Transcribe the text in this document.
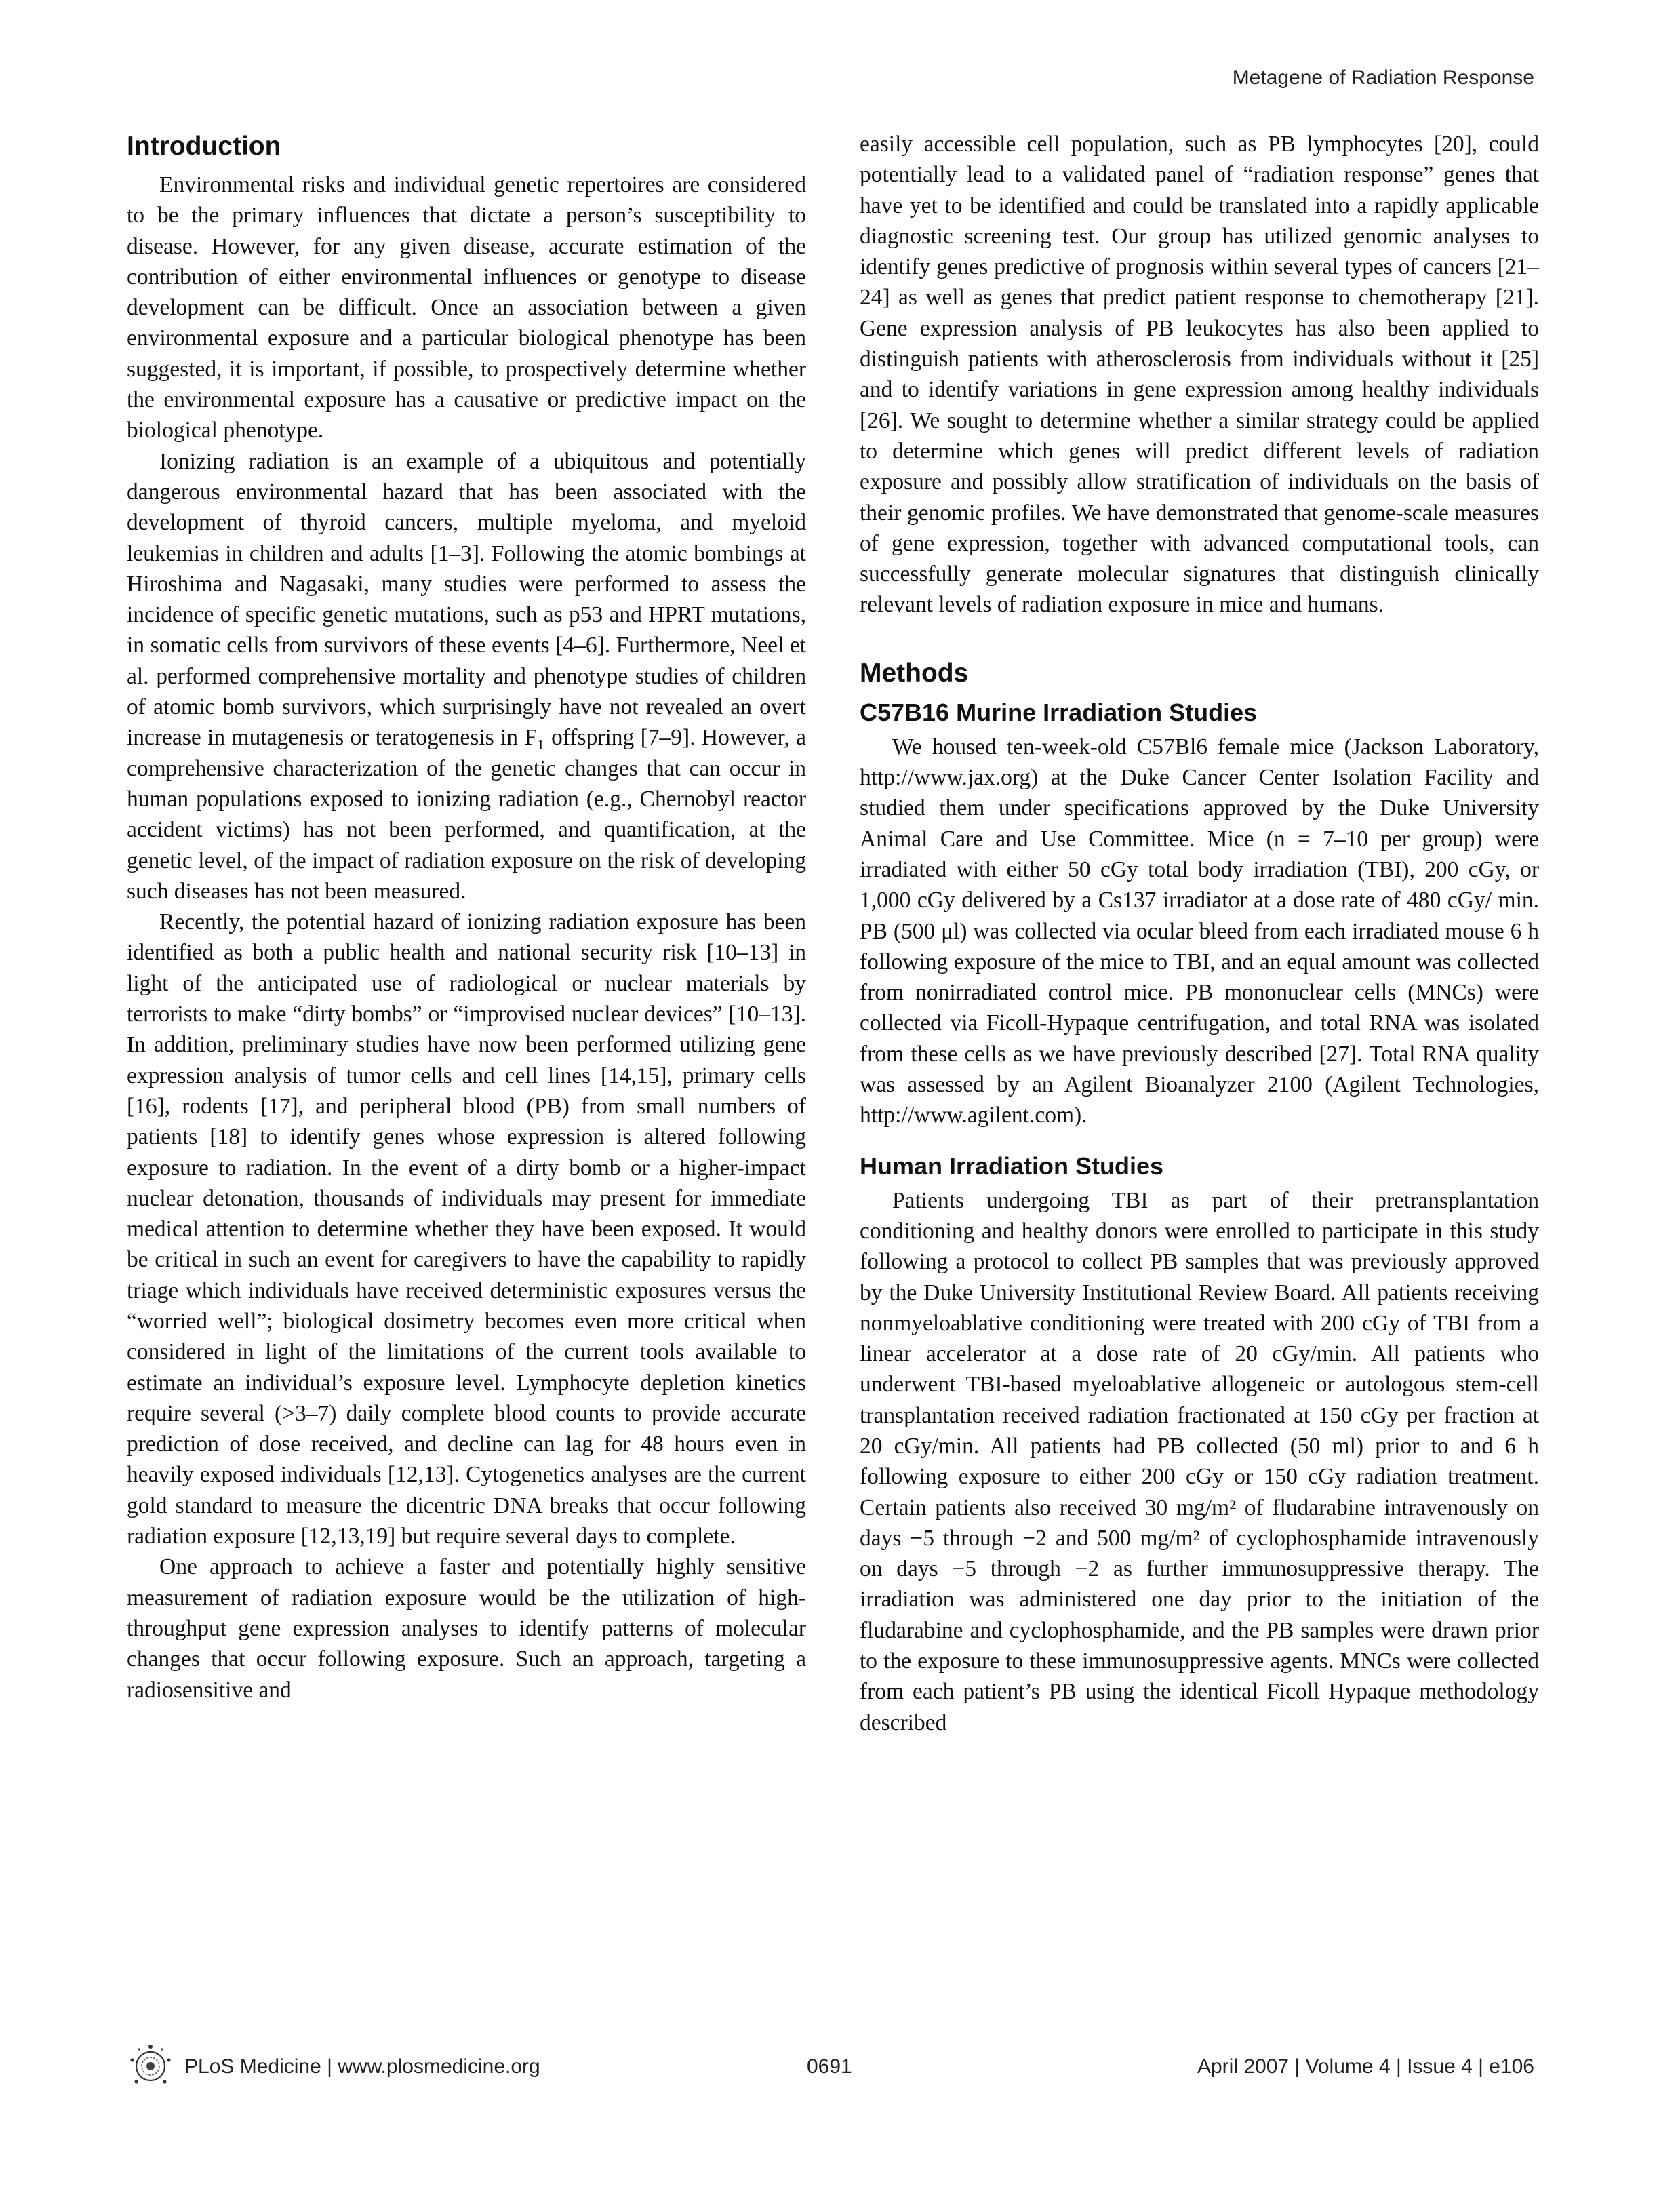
Metagene of Radiation Response
Introduction

Environmental risks and individual genetic repertoires are considered to be the primary influences that dictate a person’s susceptibility to disease. However, for any given disease, accurate estimation of the contribution of either environmental influences or genotype to disease development can be difficult. Once an association between a given environmental exposure and a particular biological phenotype has been suggested, it is important, if possible, to prospectively determine whether the environmental exposure has a causative or predictive impact on the biological phenotype.

Ionizing radiation is an example of a ubiquitous and potentially dangerous environmental hazard that has been associated with the development of thyroid cancers, multiple myeloma, and myeloid leukemias in children and adults [1–3]. Following the atomic bombings at Hiroshima and Nagasaki, many studies were performed to assess the incidence of specific genetic mutations, such as p53 and HPRT mutations, in somatic cells from survivors of these events [4–6]. Furthermore, Neel et al. performed comprehensive mortality and phenotype studies of children of atomic bomb survivors, which surprisingly have not revealed an overt increase in mutagenesis or teratogenesis in F₁ offspring [7–9]. However, a comprehensive characterization of the genetic changes that can occur in human populations exposed to ionizing radiation (e.g., Chernobyl reactor accident victims) has not been performed, and quantification, at the genetic level, of the impact of radiation exposure on the risk of developing such diseases has not been measured.

Recently, the potential hazard of ionizing radiation exposure has been identified as both a public health and national security risk [10–13] in light of the anticipated use of radiological or nuclear materials by terrorists to make “dirty bombs” or “improvised nuclear devices” [10–13]. In addition, preliminary studies have now been performed utilizing gene expression analysis of tumor cells and cell lines [14,15], primary cells [16], rodents [17], and peripheral blood (PB) from small numbers of patients [18] to identify genes whose expression is altered following exposure to radiation. In the event of a dirty bomb or a higher-impact nuclear detonation, thousands of individuals may present for immediate medical attention to determine whether they have been exposed. It would be critical in such an event for caregivers to have the capability to rapidly triage which individuals have received deterministic exposures versus the “worried well”; biological dosimetry becomes even more critical when considered in light of the limitations of the current tools available to estimate an individual’s exposure level. Lymphocyte depletion kinetics require several (>3–7) daily complete blood counts to provide accurate prediction of dose received, and decline can lag for 48 hours even in heavily exposed individuals [12,13]. Cytogenetics analyses are the current gold standard to measure the dicentric DNA breaks that occur following radiation exposure [12,13,19] but require several days to complete.

One approach to achieve a faster and potentially highly sensitive measurement of radiation exposure would be the utilization of high-throughput gene expression analyses to identify patterns of molecular changes that occur following exposure. Such an approach, targeting a radiosensitive and

easily accessible cell population, such as PB lymphocytes [20], could potentially lead to a validated panel of “radiation response” genes that have yet to be identified and could be translated into a rapidly applicable diagnostic screening test. Our group has utilized genomic analyses to identify genes predictive of prognosis within several types of cancers [21–24] as well as genes that predict patient response to chemotherapy [21]. Gene expression analysis of PB leukocytes has also been applied to distinguish patients with atherosclerosis from individuals without it [25] and to identify variations in gene expression among healthy individuals [26]. We sought to determine whether a similar strategy could be applied to determine which genes will predict different levels of radiation exposure and possibly allow stratification of individuals on the basis of their genomic profiles. We have demonstrated that genome-scale measures of gene expression, together with advanced computational tools, can successfully generate molecular signatures that distinguish clinically relevant levels of radiation exposure in mice and humans.

Methods
C57B16 Murine Irradiation Studies

We housed ten-week-old C57Bl6 female mice (Jackson Laboratory, http://www.jax.org) at the Duke Cancer Center Isolation Facility and studied them under specifications approved by the Duke University Animal Care and Use Committee. Mice (n = 7–10 per group) were irradiated with either 50 cGy total body irradiation (TBI), 200 cGy, or 1,000 cGy delivered by a Cs137 irradiator at a dose rate of 480 cGy/ min. PB (500 μl) was collected via ocular bleed from each irradiated mouse 6 h following exposure of the mice to TBI, and an equal amount was collected from nonirradiated control mice. PB mononuclear cells (MNCs) were collected via Ficoll-Hypaque centrifugation, and total RNA was isolated from these cells as we have previously described [27]. Total RNA quality was assessed by an Agilent Bioanalyzer 2100 (Agilent Technologies, http://www.agilent.com).

Human Irradiation Studies

Patients undergoing TBI as part of their pretransplantation conditioning and healthy donors were enrolled to participate in this study following a protocol to collect PB samples that was previously approved by the Duke University Institutional Review Board. All patients receiving nonmyeloablative conditioning were treated with 200 cGy of TBI from a linear accelerator at a dose rate of 20 cGy/min. All patients who underwent TBI-based myeloablative allogeneic or autologous stem-cell transplantation received radiation fractionated at 150 cGy per fraction at 20 cGy/min. All patients had PB collected (50 ml) prior to and 6 h following exposure to either 200 cGy or 150 cGy radiation treatment. Certain patients also received 30 mg/m² of fludarabine intravenously on days −5 through −2 and 500 mg/m² of cyclophosphamide intravenously on days −5 through −2 as further immunosuppressive therapy. The irradiation was administered one day prior to the initiation of the fludarabine and cyclophosphamide, and the PB samples were drawn prior to the exposure to these immunosuppressive agents. MNCs were collected from each patient’s PB using the identical Ficoll Hypaque methodology described

PLoS Medicine | www.plosmedicine.org	0691	April 2007 | Volume 4 | Issue 4 | e106
